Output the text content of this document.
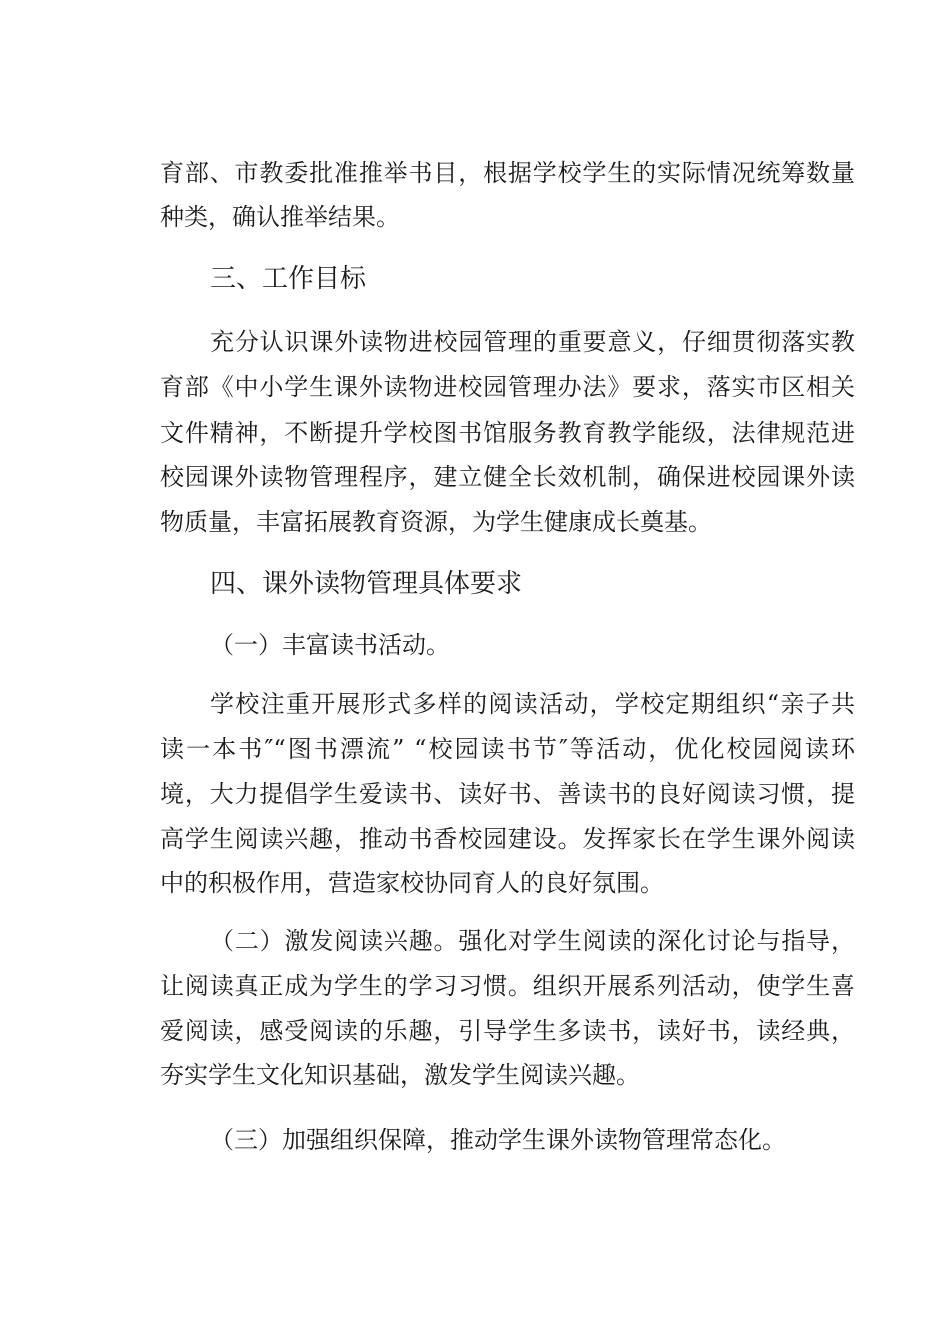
育部、市教委批准推举书目，根据学校学生的实际情况统筹数量
种类，确认推举结果。
三、工作目标
充分认识课外读物进校园管理的重要意义，仔细贯彻落实教
育部《中小学生课外读物进校园管理办法》要求，落实市区相关
文件精神，不断提升学校图书馆服务教育教学能级，法律规范进
校园课外读物管理程序，建立健全长效机制，确保进校园课外读
物质量，丰富拓展教育资源，为学生健康成长奠基。
四、课外读物管理具体要求
（一）丰富读书活动。
学校注重开展形式多样的阅读活动，学校定期组织“亲子共
读一本书″“图书漂流” “校园读书节″等活动，优化校园阅读环
境，大力提倡学生爱读书、读好书、善读书的良好阅读习惯，提
高学生阅读兴趣，推动书香校园建设。发挥家长在学生课外阅读
中的积极作用，营造家校协同育人的良好氛围。
（二）激发阅读兴趣。强化对学生阅读的深化讨论与指导，
让阅读真正成为学生的学习习惯。组织开展系列活动，使学生喜
爱阅读，感受阅读的乐趣，引导学生多读书，读好书，读经典，
夯实学生文化知识基础，激发学生阅读兴趣。
（三）加强组织保障，推动学生课外读物管理常态化。
